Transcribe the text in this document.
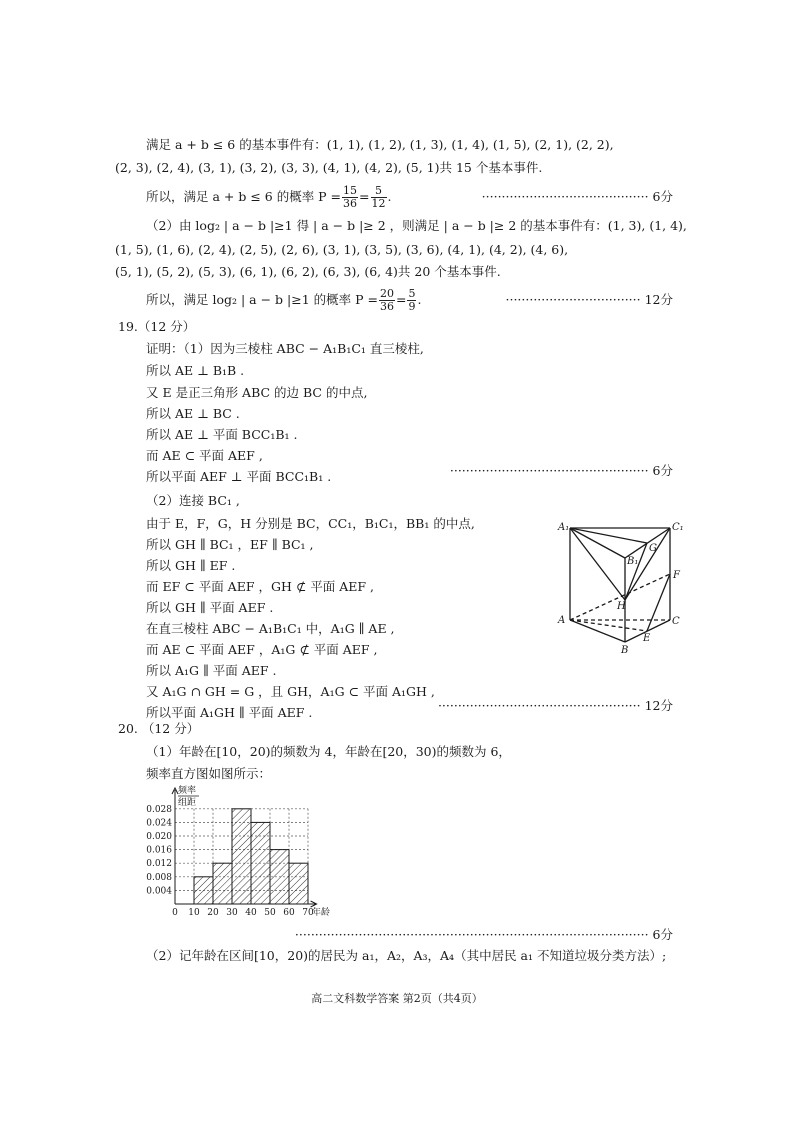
满足 a + b ≤ 6 的基本事件有：(1, 1), (1, 2), (1, 3), (1, 4), (1, 5), (2, 1), (2, 2),
(2, 3), (2, 4), (3, 1), (3, 2), (3, 3), (4, 1), (4, 2), (5, 1)共 15 个基本事件.
所以，满足 a + b ≤ 6 的概率 $P = \frac{15}{36} = \frac{5}{12}$ .	·········································· 6分
（2）由 log₂ | a − b |≥1 得 | a − b |≥ 2 ，则满足 | a − b |≥ 2 的基本事件有：(1, 3), (1, 4),
(1, 5), (1, 6), (2, 4), (2, 5), (2, 6), (3, 1), (3, 5), (3, 6), (4, 1), (4, 2), (4, 6),
(5, 1), (5, 2), (5, 3), (6, 1), (6, 2), (6, 3), (6, 4)共 20 个基本事件.
所以，满足 log₂ | a − b |≥1 的概率 $P = \frac{20}{36} = \frac{5}{9}$ .	·································· 12分
19.（12 分）
证明：（1）因为三棱柱 ABC − A₁B₁C₁ 直三棱柱,
所以 AE ⊥ B₁B .
又 E 是正三角形 ABC 的边 BC 的中点,
所以 AE ⊥ BC .
所以 AE ⊥ 平面 BCC₁B₁ .
而 AE ⊂ 平面 AEF ,
所以平面 AEF ⊥ 平面 BCC₁B₁ .
（2）连接 BC₁ ,
由于 E，F，G，H 分别是 BC，CC₁，B₁C₁，BB₁ 的中点,
所以 GH ∥ BC₁ ，EF ∥ BC₁ ,
所以 GH ∥ EF .
而 EF ⊂ 平面 AEF ，GH ⊄ 平面 AEF ,
所以 GH ∥ 平面 AEF .
在直三棱柱 ABC − A₁B₁C₁ 中，A₁G ∥ AE ,
而 AE ⊂ 平面 AEF ，A₁G ⊄ 平面 AEF ,
所以 A₁G ∥ 平面 AEF .
又 A₁G ∩ GH = G ，且 GH，A₁G ⊂ 平面 A₁GH ,
所以平面 A₁GH ∥ 平面 AEF .
·················································· 6分
··················································· 12分
A₁	C₁
B₁
G
F
H
A	C
E
B
20. （12 分）
（1）年龄在[10，20)的频数为 4，年龄在[20，30)的频数为 6，
频率直方图如图所示：
0.004
0.008
0.012
0.016
0.020
0.024
0.028
0 10 20 30 40 50 60 70
频率
组距
年龄
························································································· 6分
（2）记年龄在区间[10，20)的居民为 a₁，A₂，A₃，A₄（其中居民 a₁ 不知道垃圾分类方法）;
高二文科数学答案 第2页（共4页）
